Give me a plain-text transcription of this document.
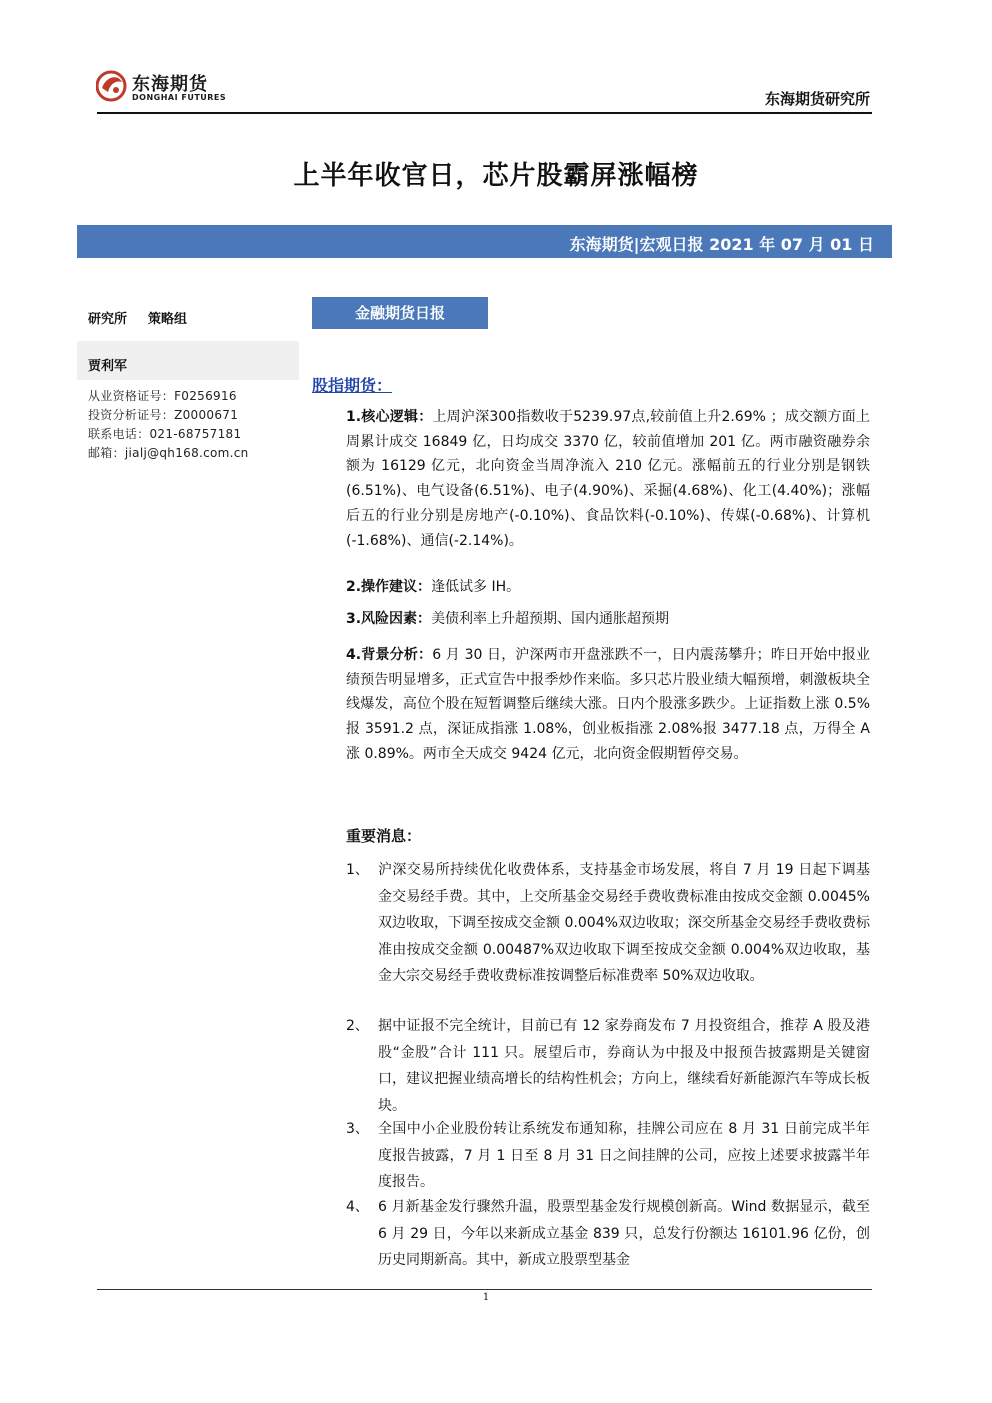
东海期货
DONGHAI FUTURES	东海期货研究所
上半年收官日，芯片股霸屏涨幅榜
东海期货|宏观日报 2021 年 07 月 01 日
研究所 策略组
贾利军
从业资格证号：F0256916
投资分析证号：Z0000671
联系电话：021-68757181
邮箱：jialj@qh168.com.cn
金融期货日报
股指期货：
1.核心逻辑：上周沪深300指数收于5239.97点,较前值上升2.69% ；成交额方面上周累计成交 16849 亿，日均成交 3370 亿，较前值增加 201 亿。两市融资融券余额为 16129 亿元，北向资金当周净流入 210 亿元。涨幅前五的行业分别是钢铁(6.51%)、电气设备(6.51%)、电子(4.90%)、采掘(4.68%)、化工(4.40%)；涨幅后五的行业分别是房地产(-0.10%)、食品饮料(-0.10%)、传媒(-0.68%)、计算机(-1.68%)、通信(-2.14%)。
2.操作建议：逢低试多 IH。
3.风险因素：美债利率上升超预期、国内通胀超预期
4.背景分析：6 月 30 日，沪深两市开盘涨跌不一，日内震荡攀升；昨日开始中报业绩预告明显增多，正式宣告中报季炒作来临。多只芯片股业绩大幅预增，刺激板块全线爆发，高位个股在短暂调整后继续大涨。日内个股涨多跌少。上证指数上涨 0.5%报 3591.2 点，深证成指涨 1.08%，创业板指涨 2.08%报 3477.18 点，万得全 A 涨 0.89%。两市全天成交 9424 亿元，北向资金假期暂停交易。
重要消息：
1、 沪深交易所持续优化收费体系，支持基金市场发展，将自 7 月 19 日起下调基金交易经手费。其中，上交所基金交易经手费收费标准由按成交金额 0.0045%双边收取，下调至按成交金额 0.004%双边收取；深交所基金交易经手费收费标准由按成交金额 0.00487%双边收取下调至按成交金额 0.004%双边收取，基金大宗交易经手费收费标准按调整后标准费率 50%双边收取。
2、 据中证报不完全统计，目前已有 12 家券商发布 7 月投资组合，推荐 A 股及港股“金股”合计 111 只。展望后市，券商认为中报及中报预告披露期是关键窗口，建议把握业绩高增长的结构性机会；方向上，继续看好新能源汽车等成长板块。
3、 全国中小企业股份转让系统发布通知称，挂牌公司应在 8 月 31 日前完成半年度报告披露，7 月 1 日至 8 月 31 日之间挂牌的公司，应按上述要求披露半年度报告。
4、 6 月新基金发行骤然升温，股票型基金发行规模创新高。Wind 数据显示，截至 6 月 29 日，今年以来新成立基金 839 只，总发行份额达 16101.96 亿份，创历史同期新高。其中，新成立股票型基金
1
